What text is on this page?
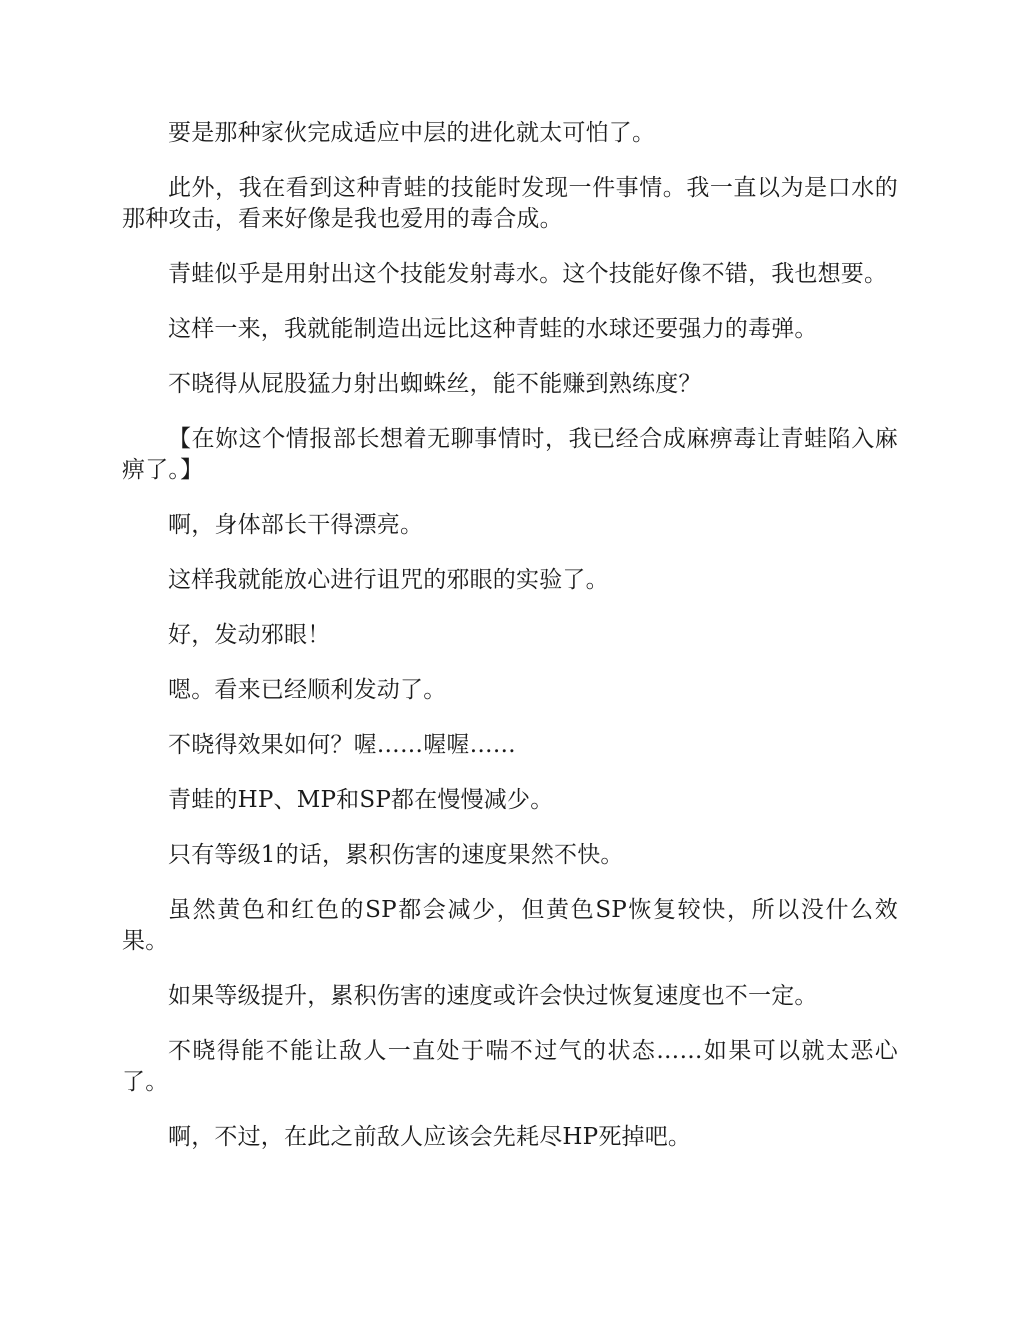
要是那种家伙完成适应中层的进化就太可怕了。

此外，我在看到这种青蛙的技能时发现一件事情。我一直以为是口水的那种攻击，看来好像是我也爱用的毒合成。

青蛙似乎是用射出这个技能发射毒水。这个技能好像不错，我也想要。

这样一来，我就能制造出远比这种青蛙的水球还要强力的毒弹。

不晓得从屁股猛力射出蜘蛛丝，能不能赚到熟练度？

【在妳这个情报部长想着无聊事情时，我已经合成麻痹毒让青蛙陷入麻痹了。】

啊，身体部长干得漂亮。

这样我就能放心进行诅咒的邪眼的实验了。

好，发动邪眼！

嗯。看来已经顺利发动了。

不晓得效果如何？喔……喔喔……

青蛙的HP、MP和SP都在慢慢减少。

只有等级1的话，累积伤害的速度果然不快。

虽然黄色和红色的SP都会减少，但黄色SP恢复较快，所以没什么效果。

如果等级提升，累积伤害的速度或许会快过恢复速度也不一定。

不晓得能不能让敌人一直处于喘不过气的状态……如果可以就太恶心了。

啊，不过，在此之前敌人应该会先耗尽HP死掉吧。
